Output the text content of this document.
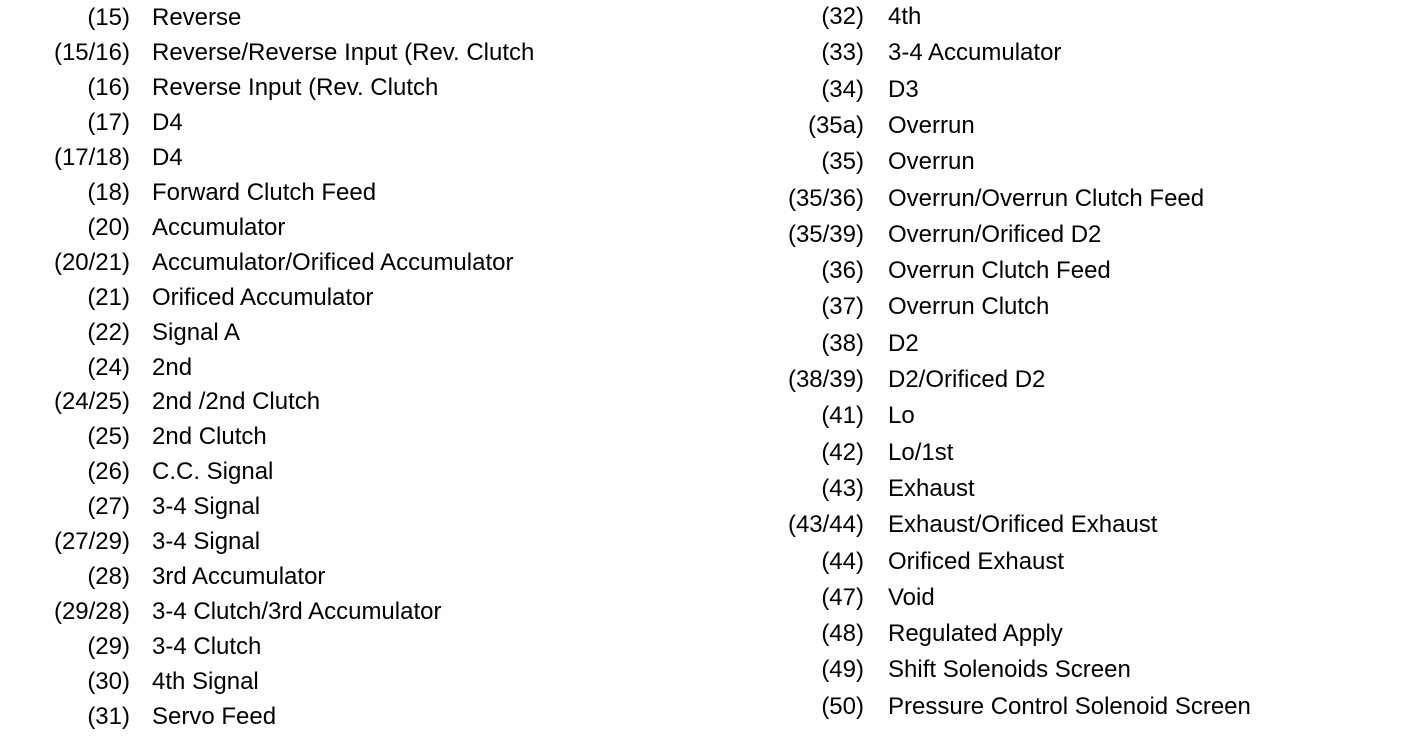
(15) Reverse
(15/16) Reverse/Reverse Input (Rev. Clutch
(16) Reverse Input (Rev. Clutch
(17) D4
(17/18) D4
(18) Forward Clutch Feed
(20) Accumulator
(20/21) Accumulator/Orificed Accumulator
(21) Orificed Accumulator
(22) Signal A
(24) 2nd
(24/25) 2nd /2nd Clutch
(25) 2nd Clutch
(26) C.C. Signal
(27) 3-4 Signal
(27/29) 3-4 Signal
(28) 3rd Accumulator
(29/28) 3-4 Clutch/3rd Accumulator
(29) 3-4 Clutch
(30) 4th Signal
(31) Servo Feed
(32) 4th
(33) 3-4 Accumulator
(34) D3
(35a) Overrun
(35) Overrun
(35/36) Overrun/Overrun Clutch Feed
(35/39) Overrun/Orificed D2
(36) Overrun Clutch Feed
(37) Overrun Clutch
(38) D2
(38/39) D2/Orificed D2
(41) Lo
(42) Lo/1st
(43) Exhaust
(43/44) Exhaust/Orificed Exhaust
(44) Orificed Exhaust
(47) Void
(48) Regulated Apply
(49) Shift Solenoids Screen
(50) Pressure Control Solenoid Screen
